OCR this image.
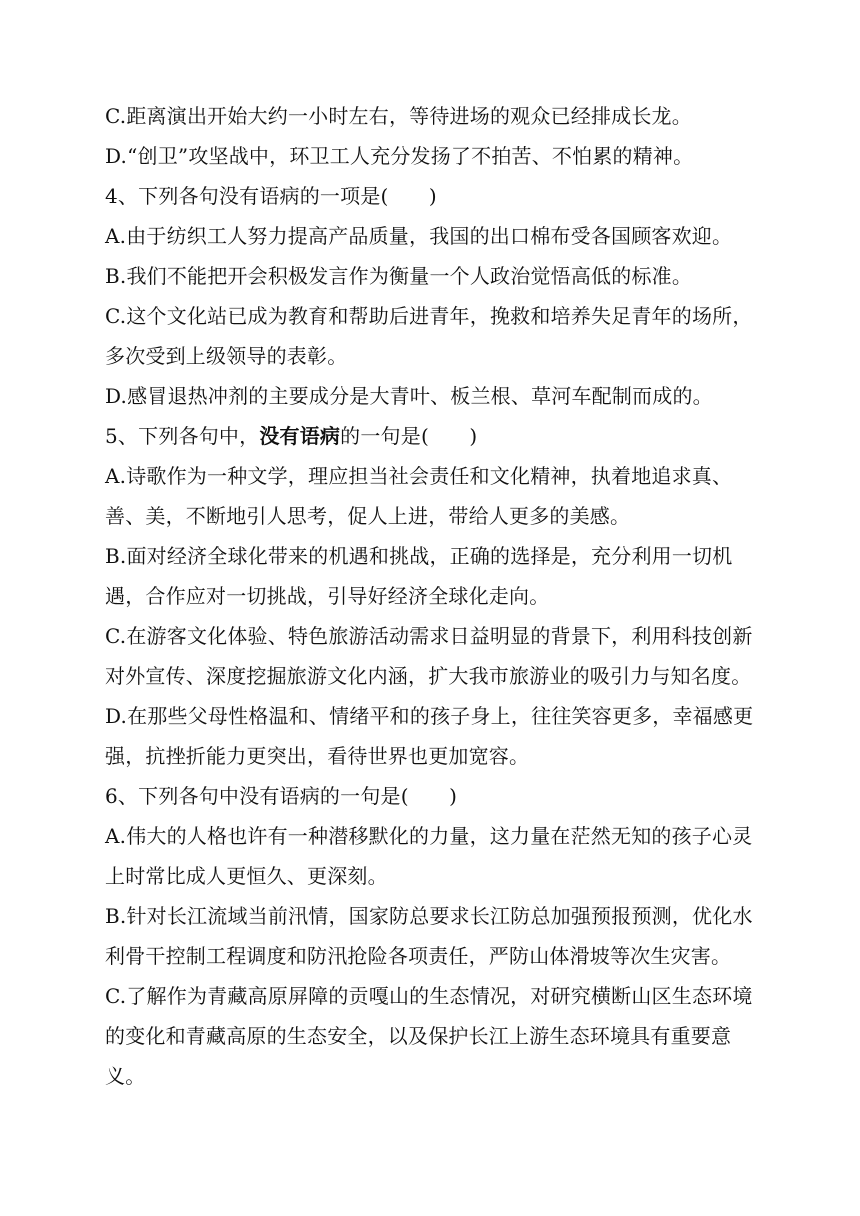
C.距离演出开始大约一小时左右，等待进场的观众已经排成长龙。
D.“创卫”攻坚战中，环卫工人充分发扬了不拍苦、不怕累的精神。
4、下列各句没有语病的一项是(　　)
A.由于纺织工人努力提高产品质量，我国的出口棉布受各国顾客欢迎。
B.我们不能把开会积极发言作为衡量一个人政治觉悟高低的标准。
C.这个文化站已成为教育和帮助后进青年，挽救和培养失足青年的场所，
多次受到上级领导的表彰。
D.感冒退热冲剂的主要成分是大青叶、板兰根、草河车配制而成的。
5、下列各句中，没有语病的一句是(　　)
A.诗歌作为一种文学，理应担当社会责任和文化精神，执着地追求真、
善、美，不断地引人思考，促人上进，带给人更多的美感。
B.面对经济全球化带来的机遇和挑战，正确的选择是，充分利用一切机
遇，合作应对一切挑战，引导好经济全球化走向。
C.在游客文化体验、特色旅游活动需求日益明显的背景下，利用科技创新
对外宣传、深度挖掘旅游文化内涵，扩大我市旅游业的吸引力与知名度。
D.在那些父母性格温和、情绪平和的孩子身上，往往笑容更多，幸福感更
强，抗挫折能力更突出，看待世界也更加宽容。
6、下列各句中没有语病的一句是(　　)
A.伟大的人格也许有一种潜移默化的力量，这力量在茫然无知的孩子心灵
上时常比成人更恒久、更深刻。
B.针对长江流域当前汛情，国家防总要求长江防总加强预报预测，优化水
利骨干控制工程调度和防汛抢险各项责任，严防山体滑坡等次生灾害。
C.了解作为青藏高原屏障的贡嘎山的生态情况，对研究横断山区生态环境
的变化和青藏高原的生态安全，以及保护长江上游生态环境具有重要意
义。
